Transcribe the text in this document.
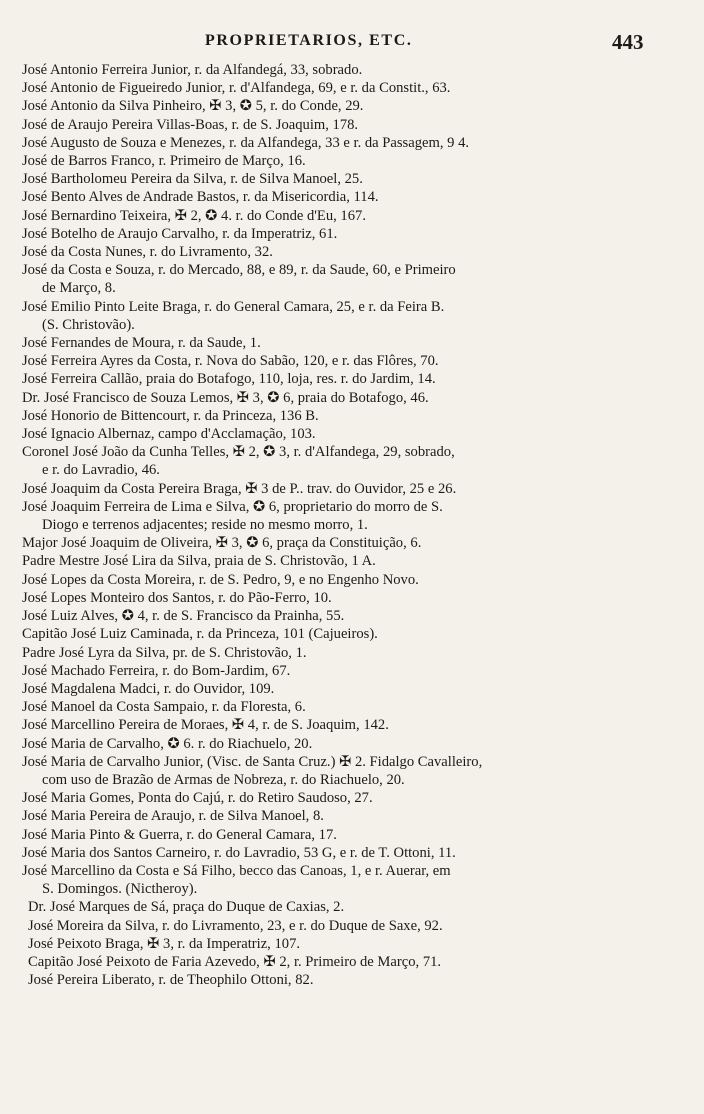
PROPRIETARIOS, ETC.	443
José Antonio Ferreira Junior, r. da Alfandegá, 33, sobrado.
José Antonio de Figueiredo Junior, r. d'Alfandega, 69, e r. da Constit., 63.
José Antonio da Silva Pinheiro, ✠ 3, ✪ 5, r. do Conde, 29.
José de Araujo Pereira Villas-Boas, r. de S. Joaquim, 178.
José Augusto de Souza e Menezes, r. da Alfandega, 33 e r. da Passagem, 9 4.
José de Barros Franco, r. Primeiro de Março, 16.
José Bartholomeu Pereira da Silva, r. de Silva Manoel, 25.
José Bento Alves de Andrade Bastos, r. da Misericordia, 114.
José Bernardino Teixeira, ✠ 2, ✪ 4. r. do Conde d'Eu, 167.
José Botelho de Araujo Carvalho, r. da Imperatriz, 61.
José da Costa Nunes, r. do Livramento, 32.
José da Costa e Souza, r. do Mercado, 88, e 89, r. da Saude, 60, e Primeiro
de Março, 8.
José Emilio Pinto Leite Braga, r. do General Camara, 25, e r. da Feira B.
(S. Christovão).
José Fernandes de Moura, r. da Saude, 1.
José Ferreira Ayres da Costa, r. Nova do Sabão, 120, e r. das Flôres, 70.
José Ferreira Callão, praia do Botafogo, 110, loja, res. r. do Jardim, 14.
Dr. José Francisco de Souza Lemos, ✠ 3, ✪ 6, praia do Botafogo, 46.
José Honorio de Bittencourt, r. da Princeza, 136 B.
José Ignacio Albernaz, campo d'Acclamação, 103.
Coronel José João da Cunha Telles, ✠ 2, ✪ 3, r. d'Alfandega, 29, sobrado,
e r. do Lavradio, 46.
José Joaquim da Costa Pereira Braga, ✠ 3 de P.. trav. do Ouvidor, 25 e 26.
José Joaquim Ferreira de Lima e Silva, ✪ 6, proprietario do morro de S.
Diogo e terrenos adjacentes; reside no mesmo morro, 1.
Major José Joaquim de Oliveira, ✠ 3, ✪ 6, praça da Constituição, 6.
Padre Mestre José Lira da Silva, praia de S. Christovão, 1 A.
José Lopes da Costa Moreira, r. de S. Pedro, 9, e no Engenho Novo.
José Lopes Monteiro dos Santos, r. do Pão-Ferro, 10.
José Luiz Alves, ✪ 4, r. de S. Francisco da Prainha, 55.
Capitão José Luiz Caminada, r. da Princeza, 101 (Cajueiros).
Padre José Lyra da Silva, pr. de S. Christovão, 1.
José Machado Ferreira, r. do Bom-Jardim, 67.
José Magdalena Madci, r. do Ouvidor, 109.
José Manoel da Costa Sampaio, r. da Floresta, 6.
José Marcellino Pereira de Moraes, ✠ 4, r. de S. Joaquim, 142.
José Maria de Carvalho, ✪ 6. r. do Riachuelo, 20.
José Maria de Carvalho Junior, (Visc. de Santa Cruz.) ✠ 2. Fidalgo Cavalleiro,
com uso de Brazão de Armas de Nobreza, r. do Riachuelo, 20.
José Maria Gomes, Ponta do Cajú, r. do Retiro Saudoso, 27.
José Maria Pereira de Araujo, r. de Silva Manoel, 8.
José Maria Pinto & Guerra, r. do General Camara, 17.
José Maria dos Santos Carneiro, r. do Lavradio, 53 G, e r. de T. Ottoni, 11.
José Marcellino da Costa e Sá Filho, becco das Canoas, 1, e r. Auerar, em
S. Domingos. (Nictheroy).
Dr. José Marques de Sá, praça do Duque de Caxias, 2.
José Moreira da Silva, r. do Livramento, 23, e r. do Duque de Saxe, 92.
José Peixoto Braga, ✠ 3, r. da Imperatriz, 107.
Capitão José Peixoto de Faria Azevedo, ✠ 2, r. Primeiro de Março, 71.
José Pereira Liberato, r. de Theophilo Ottoni, 82.
